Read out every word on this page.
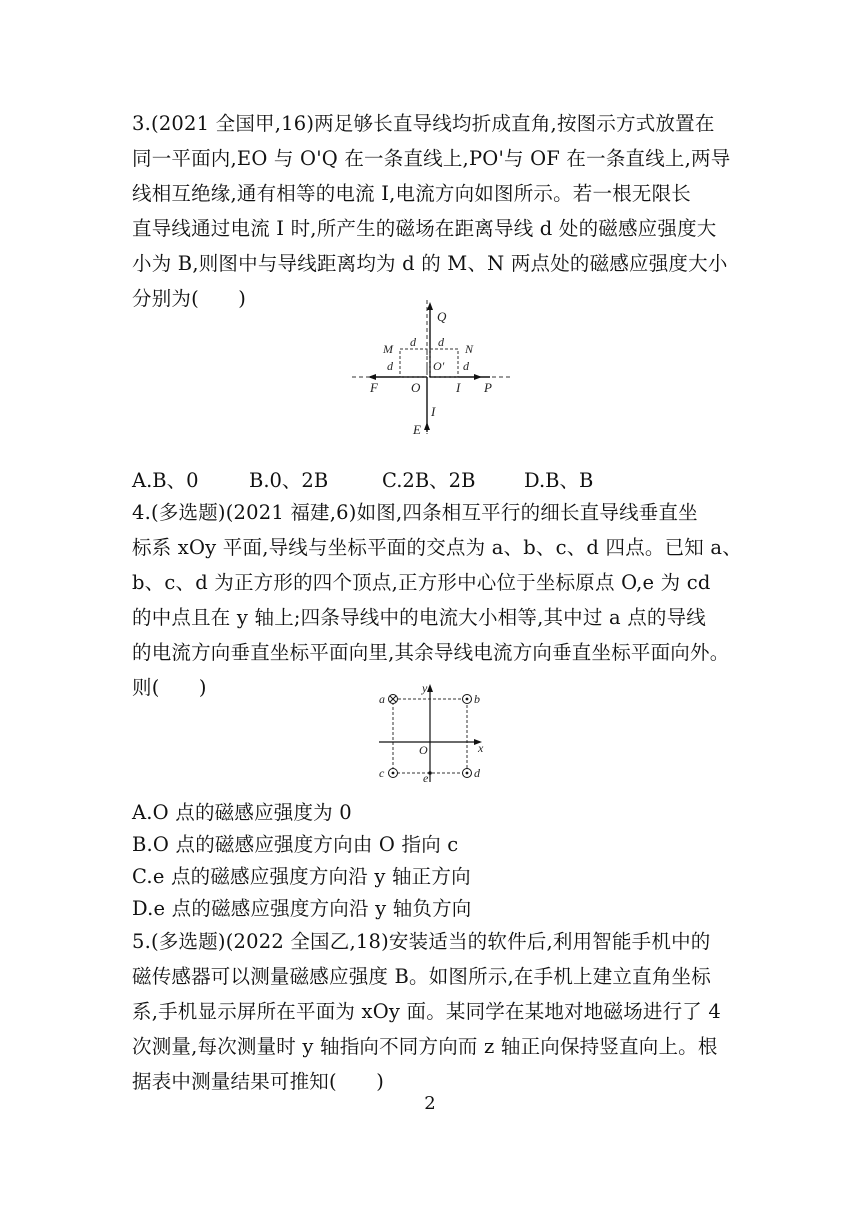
3.(2021 全国甲,16)两足够长直导线均折成直角,按图示方式放置在
同一平面内,EO 与 O'Q 在一条直线上,PO'与 OF 在一条直线上,两导
线相互绝缘,通有相等的电流 I,电流方向如图所示。若一根无限长
直导线通过电流 I 时,所产生的磁场在距离导线 d 处的磁感应强度大
小为 B,则图中与导线距离均为 d 的 M、N 两点处的磁感应强度大小
分别为(　　)
Q
M	N
d d
d	d
O′
F	O	I P
I
E
A.B、0	B.0、2B	C.2B、2B D.B、B
4.(多选题)(2021 福建,6)如图,四条相互平行的细长直导线垂直坐
标系 xOy 平面,导线与坐标平面的交点为 a、b、c、d 四点。已知 a、
b、c、d 为正方形的四个顶点,正方形中心位于坐标原点 O,e 为 cd
的中点且在 y 轴上;四条导线中的电流大小相等,其中过 a 点的导线
的电流方向垂直坐标平面向里,其余导线电流方向垂直坐标平面向外。
则(　　)	a	b
c	d
e
O	x
y
A.O 点的磁感应强度为 0
B.O 点的磁感应强度方向由 O 指向 c
C.e 点的磁感应强度方向沿 y 轴正方向
D.e 点的磁感应强度方向沿 y 轴负方向
5.(多选题)(2022 全国乙,18)安装适当的软件后,利用智能手机中的
磁传感器可以测量磁感应强度 B。如图所示,在手机上建立直角坐标
系,手机显示屏所在平面为 xOy 面。某同学在某地对地磁场进行了 4
次测量,每次测量时 y 轴指向不同方向而 z 轴正向保持竖直向上。根
据表中测量结果可推知(　　)
2
